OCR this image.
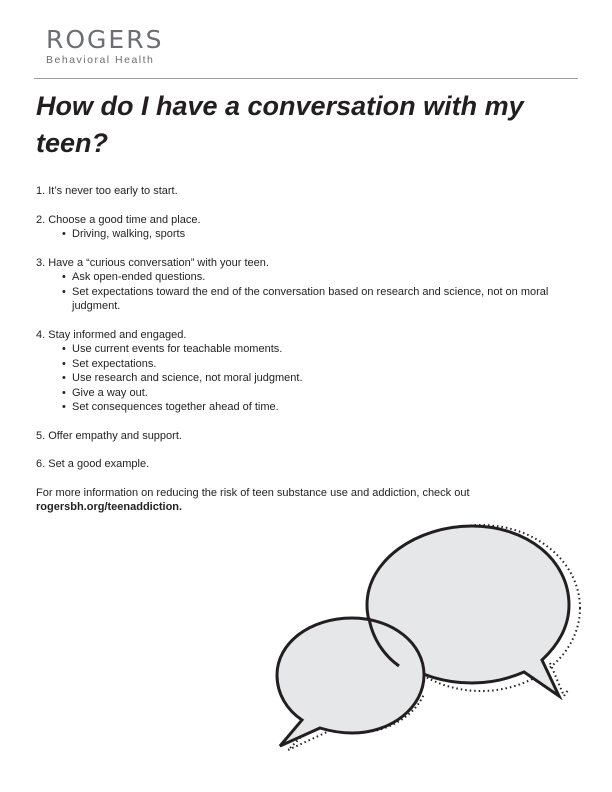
ROGERS
Behavioral Health
How do I have a conversation with my teen?
1. It’s never too early to start.
2. Choose a good time and place.
• Driving, walking, sports
3. Have a “curious conversation” with your teen.
• Ask open-ended questions.
• Set expectations toward the end of the conversation based on research and science, not on moral judgment.
4. Stay informed and engaged.
• Use current events for teachable moments.
• Set expectations.
• Use research and science, not moral judgment.
• Give a way out.
• Set consequences together ahead of time.
5. Offer empathy and support.
6. Set a good example.
For more information on reducing the risk of teen substance use and addiction, check out
rogersbh.org/teenaddiction.
